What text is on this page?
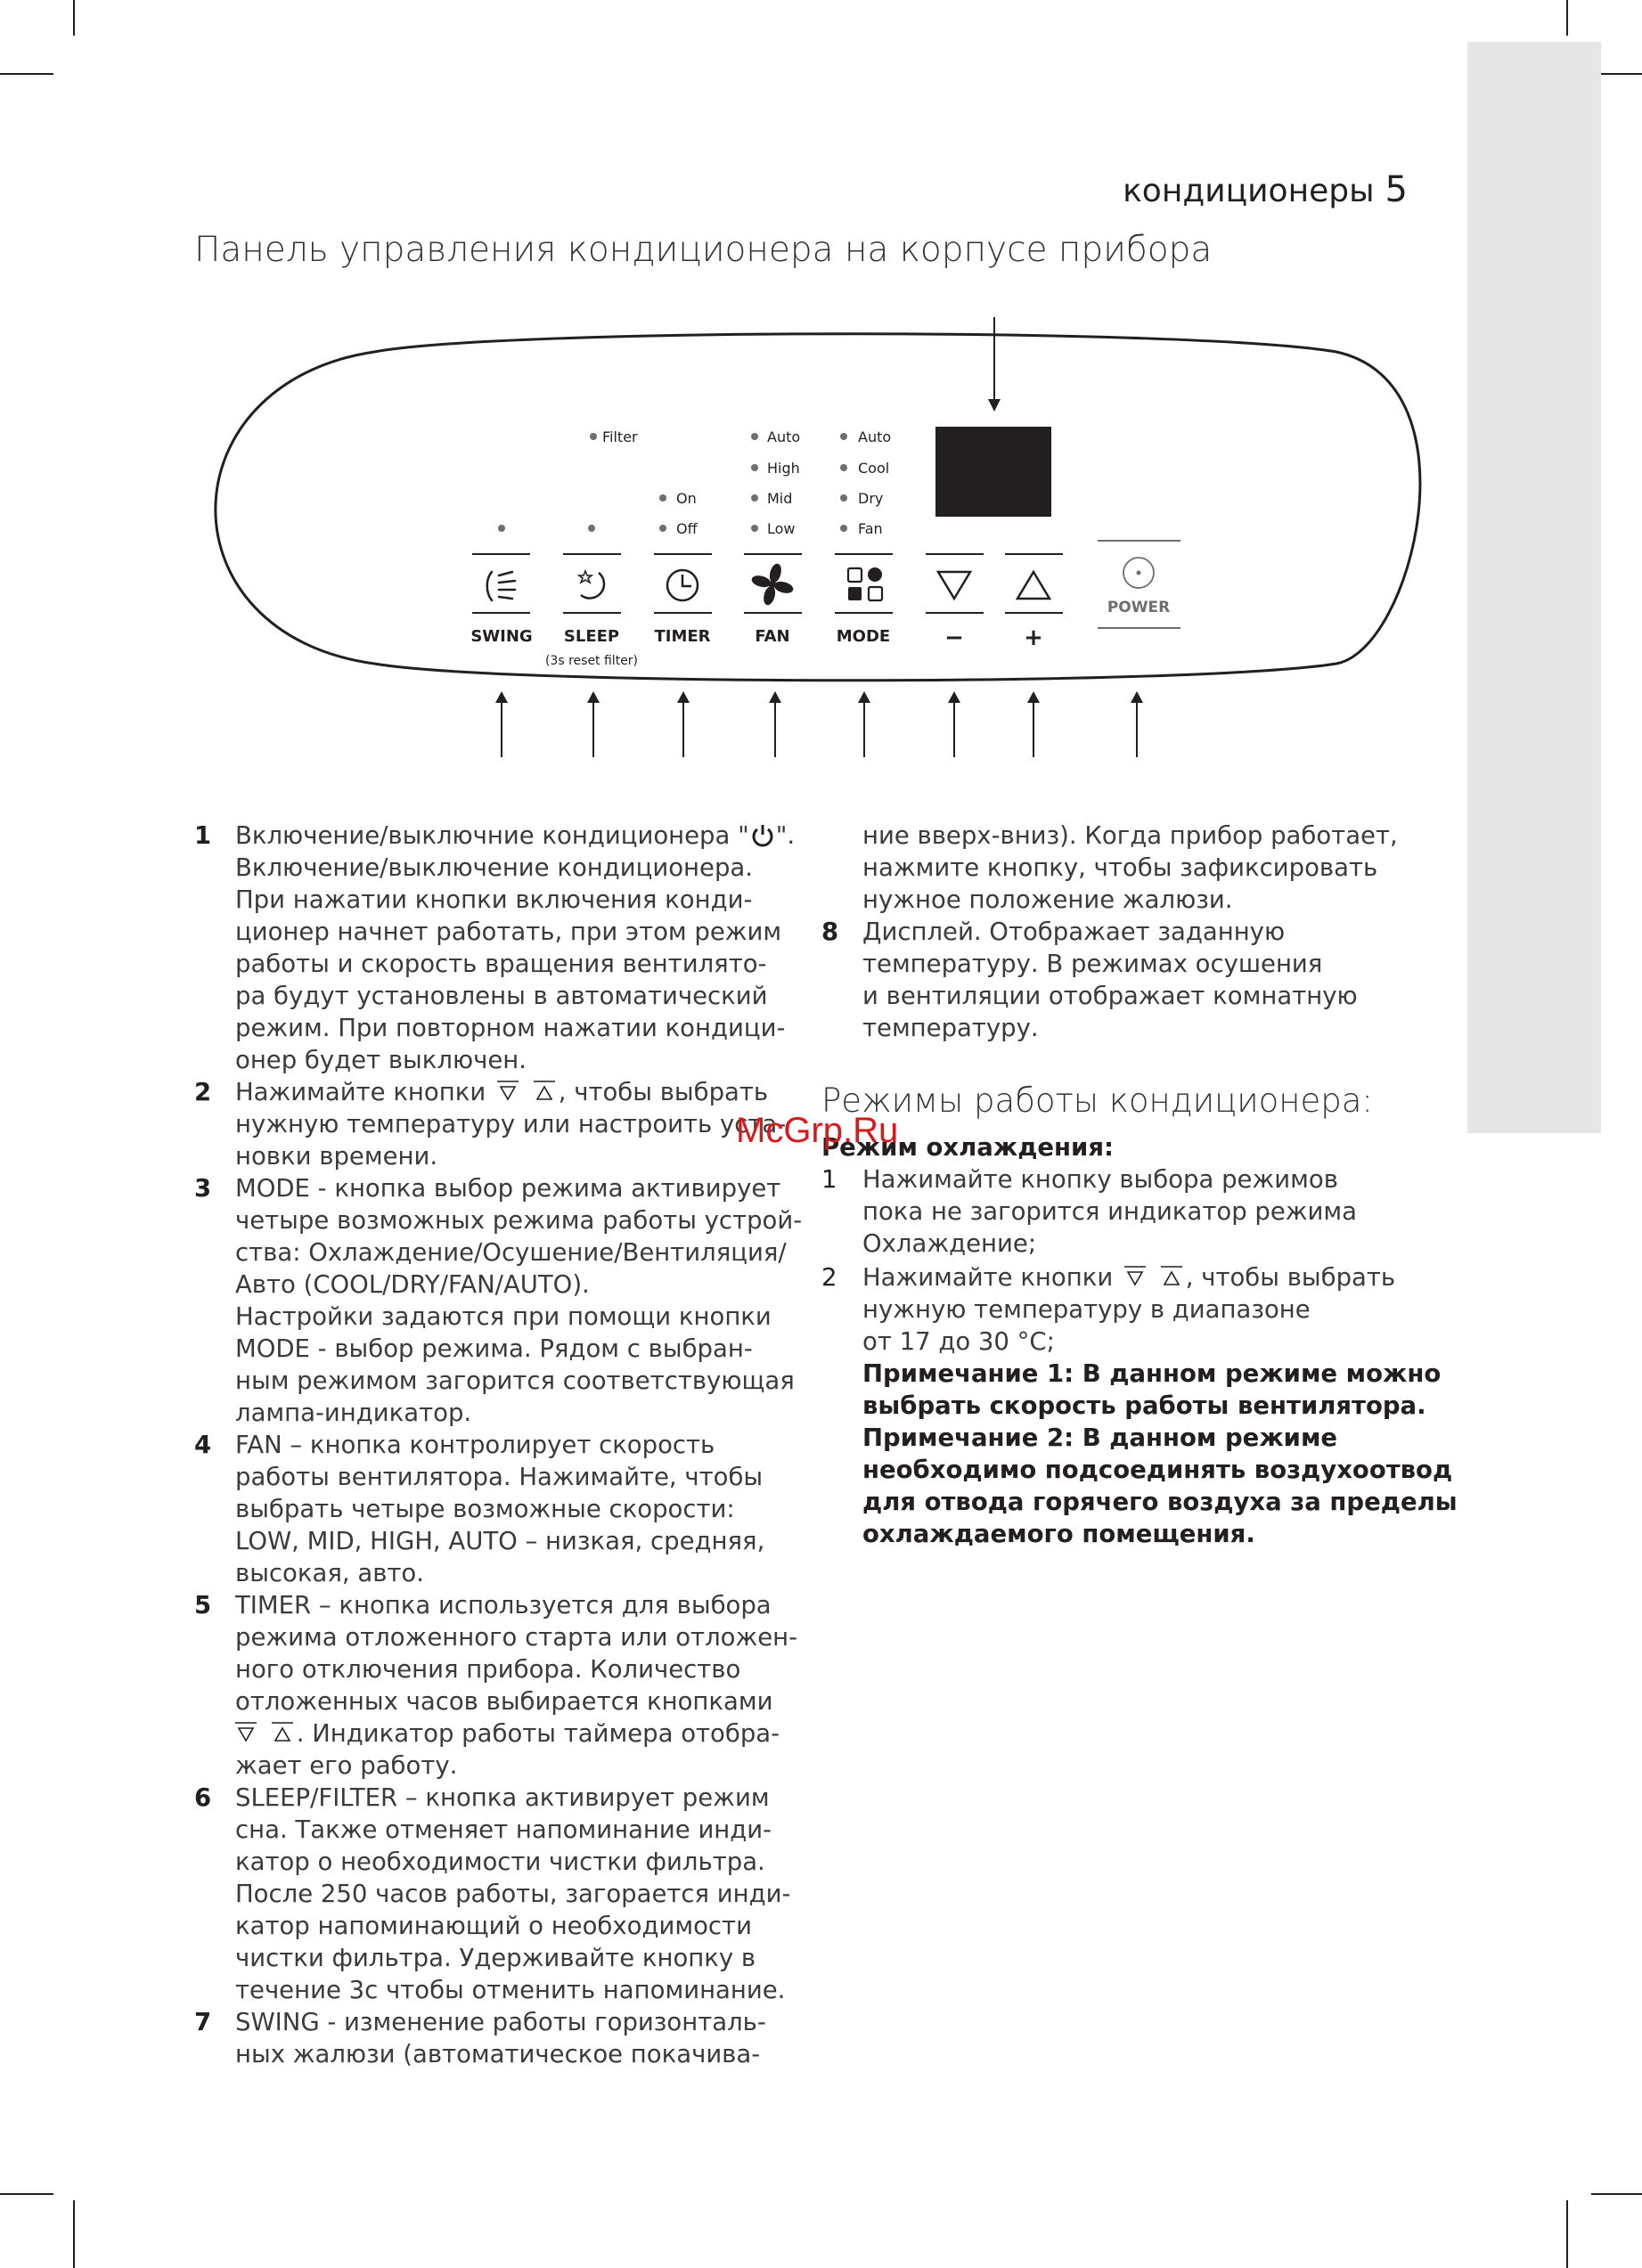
кондиционеры 5
Панель управления кондиционера на корпусе прибора
Filter
On
Off
Auto
High
Mid
Low
Auto
Cool
Dry
Fan
SWING SLEEP
(3s reset filter)
TIMER	FAN	MODE −	+
POWER
1 Включение/выключние кондиционера " ".

Включение/выключение кондиционера.

При нажатии кнопки включения конди-

ционер начнет работать, при этом режим

работы и скорость вращения вентилято-

ра будут установлены в автоматический

режим. При повторном нажатии кондици-

онер будет выключен.

2 Нажимайте кнопки
	, чтобы выбрать

нужную температуру или настроить уста-

новки времени.

3 MODE - кнопка выбор режима активирует

четыре возможных режима работы устрой-

ства: Охлаждение/Осушение/Вентиляция/

Авто (COOL/DRY/FAN/AUTO).

Настройки задаются при помощи кнопки

MODE - выбор режима. Рядом с выбран-

ным режимом загорится соответствующая

лампа-индикатор.

4 FAN – кнопка контролирует скорость

работы вентилятора. Нажимайте, чтобы

выбрать четыре возможные скорости:

LOW, MID, HIGH, AUTO – низкая, средняя,

высокая, авто.

5 TIMER – кнопка используется для выбора

режима отложенного старта или отложен-

ного отключения прибора. Количество

отложенных часов выбирается кнопками

. Индикатор работы таймера отобра-

жает его работу.

6 SLEEP/FILTER – кнопка активирует режим

сна. Также отменяет напоминание инди-

катор о необходимости чистки фильтра.

После 250 часов работы, загорается инди-

катор напоминающий о необходимости

чистки фильтра. Удерживайте кнопку в

течение 3с чтобы отменить напоминание.

7 SWING - изменение работы горизонталь-

ных жалюзи (автоматическое покачива-

ние вверх-вниз). Когда прибор работает,

нажмите кнопку, чтобы зафиксировать

нужное положение жалюзи.

8 Дисплей. Отображает заданную

температуру. В режимах осушения

и вентиляции отображает комнатную

температуру.

Режимы работы кондиционера:

Режим охлаждения:

1 Нажимайте кнопку выбора режимов

пока не загорится индикатор режима

Охлаждение;

2 Нажимайте кнопки
	, чтобы выбрать

нужную температуру в диапазоне

от 17 до 30 °С;

Примечание 1: В данном режиме можно

выбрать скорость работы вентилятора.

Примечание 2: В данном режиме

необходимо подсоединять воздухоотвод

для отвода горячего воздуха за пределы

охлаждаемого помещения.

McGrp.Ru
